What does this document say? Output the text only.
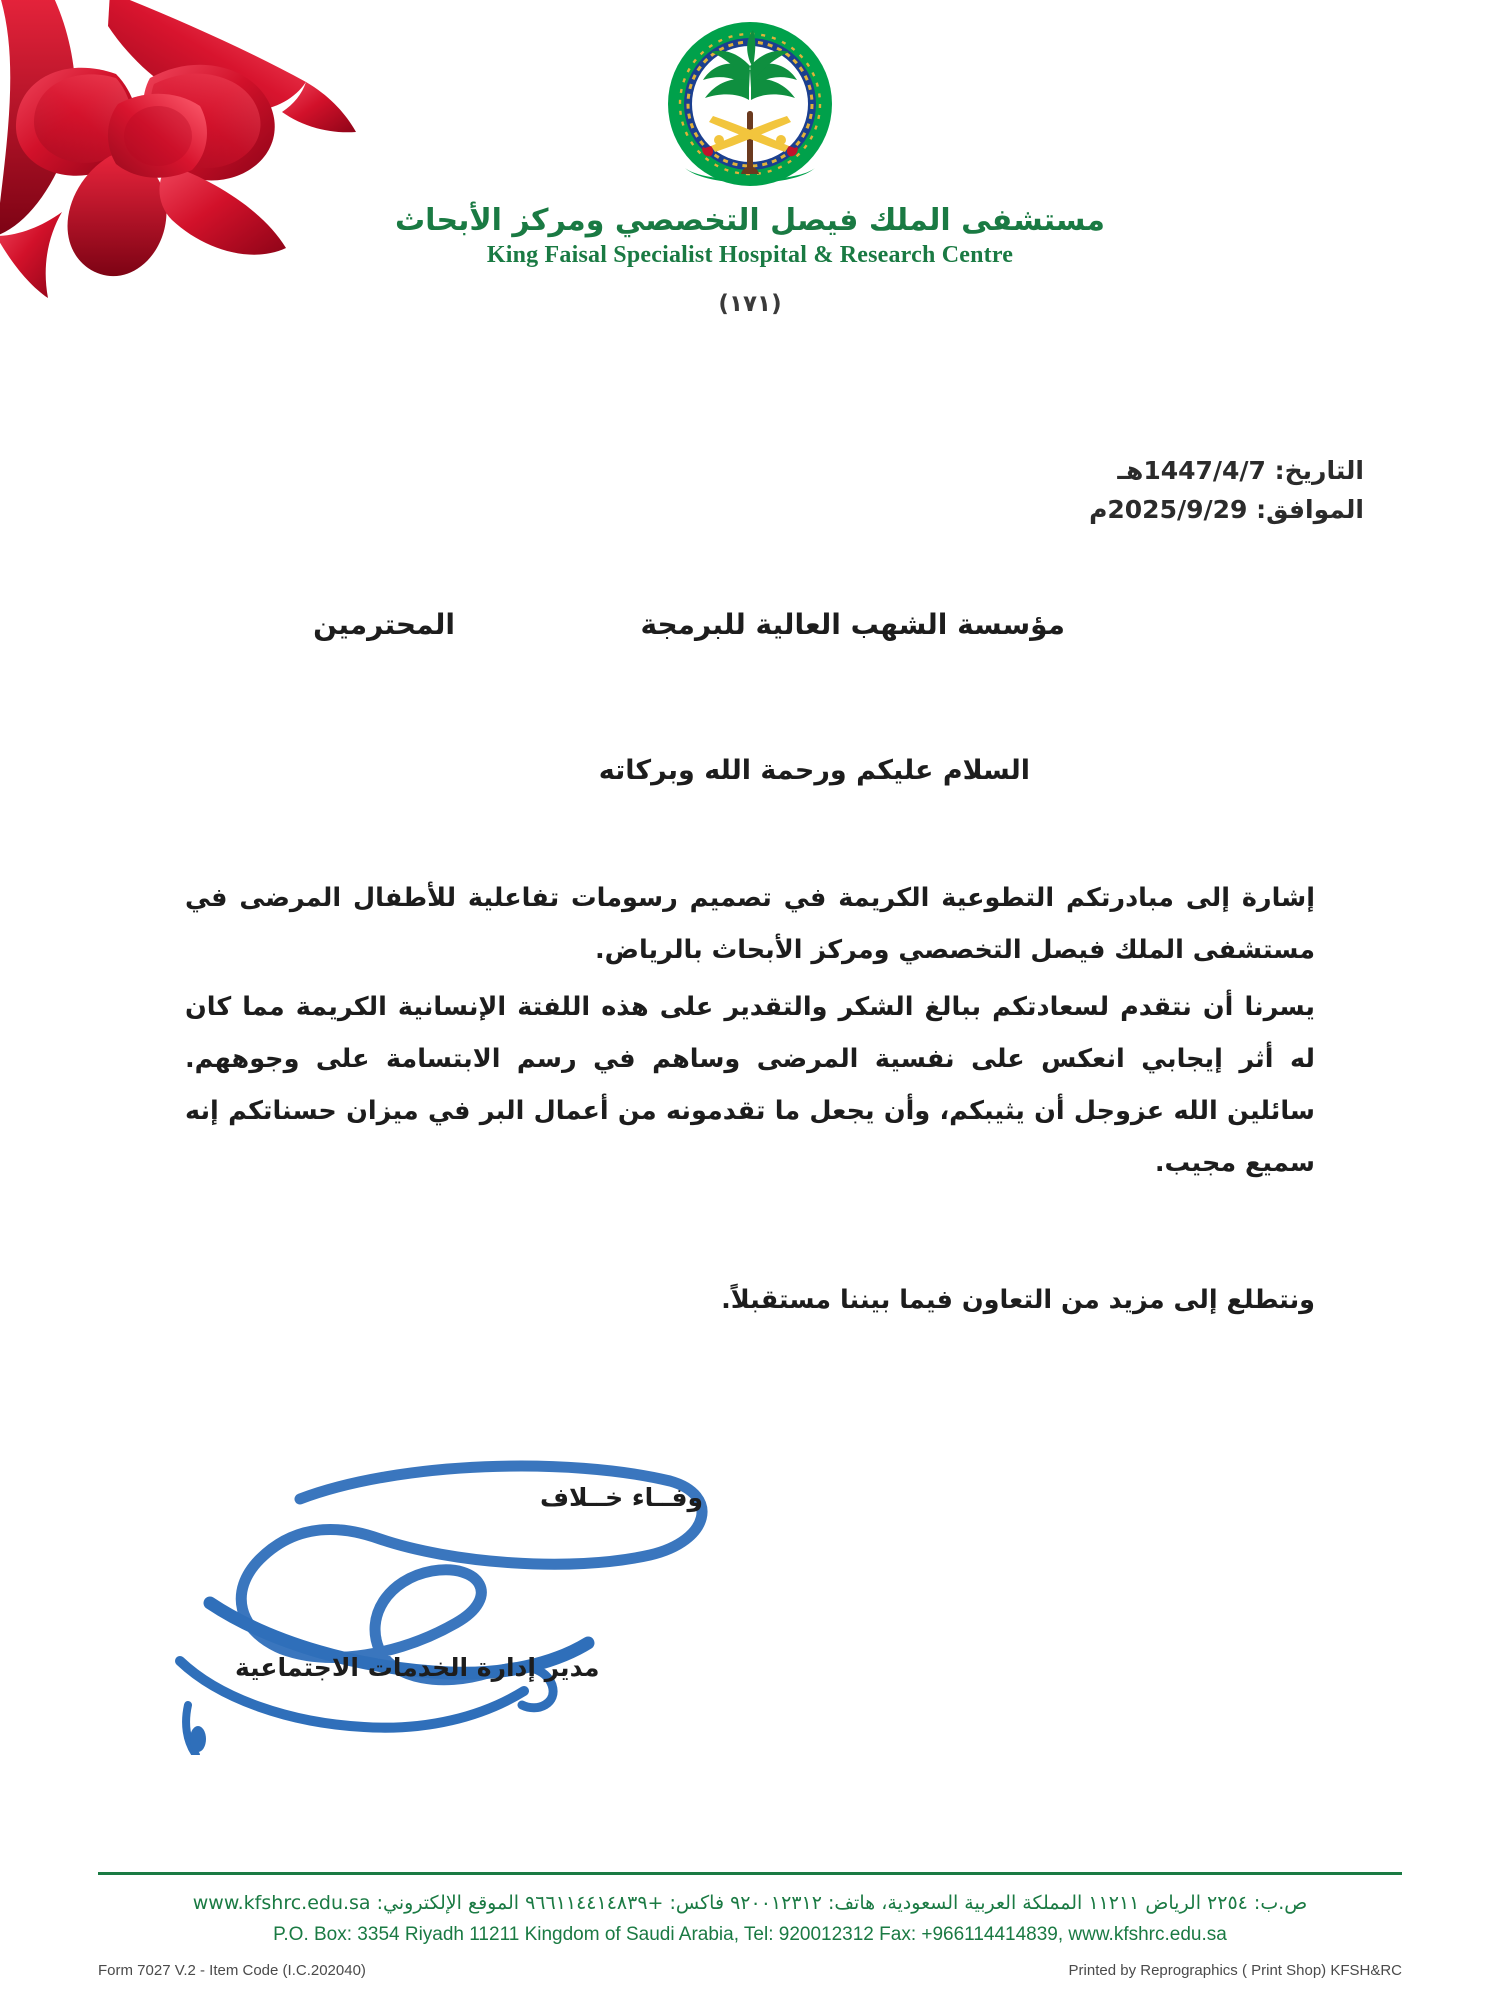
مستشفى الملك فيصل التخصصي ومركز الأبحاث
King Faisal Specialist Hospital & Research Centre
(١٧١)
التاريخ: 1447/4/7هـ
الموافق: 2025/9/29م
مؤسسة الشهب العالية للبرمجة
المحترمين
السلام عليكم ورحمة الله وبركاته

إشارة إلى مبادرتكم التطوعية الكريمة في تصميم رسومات تفاعلية للأطفال المرضى في مستشفى الملك فيصل التخصصي ومركز الأبحاث بالرياض.

يسرنا أن نتقدم لسعادتكم ببالغ الشكر والتقدير على هذه اللفتة الإنسانية الكريمة مما كان له أثر إيجابي انعكس على نفسية المرضى وساهم في رسم الابتسامة على وجوههم. سائلين الله عزوجل أن يثيبكم، وأن يجعل ما تقدمونه من أعمال البر في ميزان حسناتكم إنه سميع مجيب.

ونتطلع إلى مزيد من التعاون فيما بيننا مستقبلاً.
وفــاء خــلاف
مدير إدارة الخدمات الاجتماعية
ص.ب: ٢٢٥٤ الرياض ١١٢١١ المملكة العربية السعودية، هاتف: ٩٢٠٠١٢٣١٢ فاكس: +٩٦٦١١٤٤١٤٨٣٩ الموقع الإلكتروني: www.kfshrc.edu.sa
P.O. Box: 3354 Riyadh 11211 Kingdom of Saudi Arabia, Tel: 920012312 Fax: +966114414839, www.kfshrc.edu.sa
Form 7027 V.2 - Item Code (I.C.202040)	Printed by Reprographics ( Print Shop) KFSH&RC
